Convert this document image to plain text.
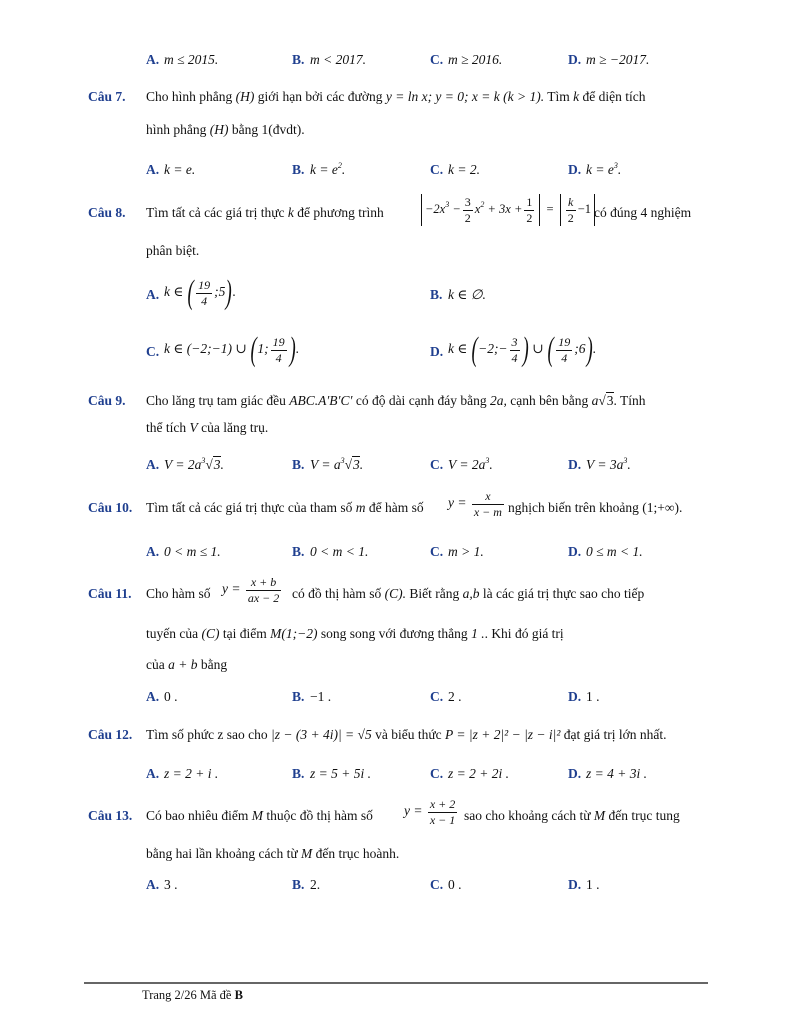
A. m ≤ 2015.	B. m < 2017.	C. m ≥ 2016.	D. m ≥ −2017.
Câu 7. Cho hình phẳng (H) giới hạn bởi các đường y = ln x; y = 0; x = k (k > 1). Tìm k để diện tích
hình phẳng (H) bằng 1(đvdt).
A. k = e.	B. $k = e^2$.	C. k = 2.	D. $k = e^3$.
Câu 8. Tìm tất cả các giá trị thực k để phương trình	$-2x^3 - \frac{3}{2} x^2 + 3x + \frac{1}{2} = \frac{k}{2} -1$ có đúng 4 nghiệm
phân biệt.
A. k ∈ ( $\frac{19}{4}$ ;5).	B. k ∈ ∅.
C. k ∈ (−2;−1) ∪ (1; $\frac{19}{4}$ ).	D. k ∈ (−2;− $\frac{3}{4}$ ) ∪ ( $\frac{19}{4}$ ;6).
Câu 9. Cho lăng trụ tam giác đều ABC.A′B′C′ có độ dài cạnh đáy bằng 2a, cạnh bên bằng a√3. Tính
thể tích V của lăng trụ.
A. $V = 2a^3√3$.	B. $V = a^3√3$.	C. $V = 2a^3$.	D. $V = 3a^3$.
Câu 10. Tìm tất cả các giá trị thực của tham số m để hàm số $y = \frac{x}{x - m}$ nghịch biến trên khoảng (1;+∞).
A. 0 < m ≤ 1.	B. 0 < m < 1.	C. m > 1.	D. 0 ≤ m < 1.
Câu 11. Cho hàm số $y = \frac{x + b}{ax - 2}$ có đồ thị hàm số (C). Biết rằng a,b là các giá trị thực sao cho tiếp
tuyến của (C) tại điểm M(1;−2) song song với đương thẳng 1 .. Khi đó giá trị
của a + b bằng
A. 0 .	B. −1 .	C. 2 .	D. 1 .
Câu 12. Tìm số phức z sao cho |z − (3 + 4i)| = √5 và biểu thức P = |z + 2|² − |z − i|² đạt giá trị lớn nhất.
A. z = 2 + i .	B. z = 5 + 5i .	C. z = 2 + 2i .	D. z = 4 + 3i .
Câu 13. Có bao nhiêu điểm M thuộc đồ thị hàm số $y = \frac{x + 2}{x - 1}$ sao cho khoảng cách từ M đến trục tung
bằng hai lần khoảng cách từ M đến trục hoành.
A. 3 .	B. 2.	C. 0 .	D. 1 .
Trang 2/26 Mã đề B
